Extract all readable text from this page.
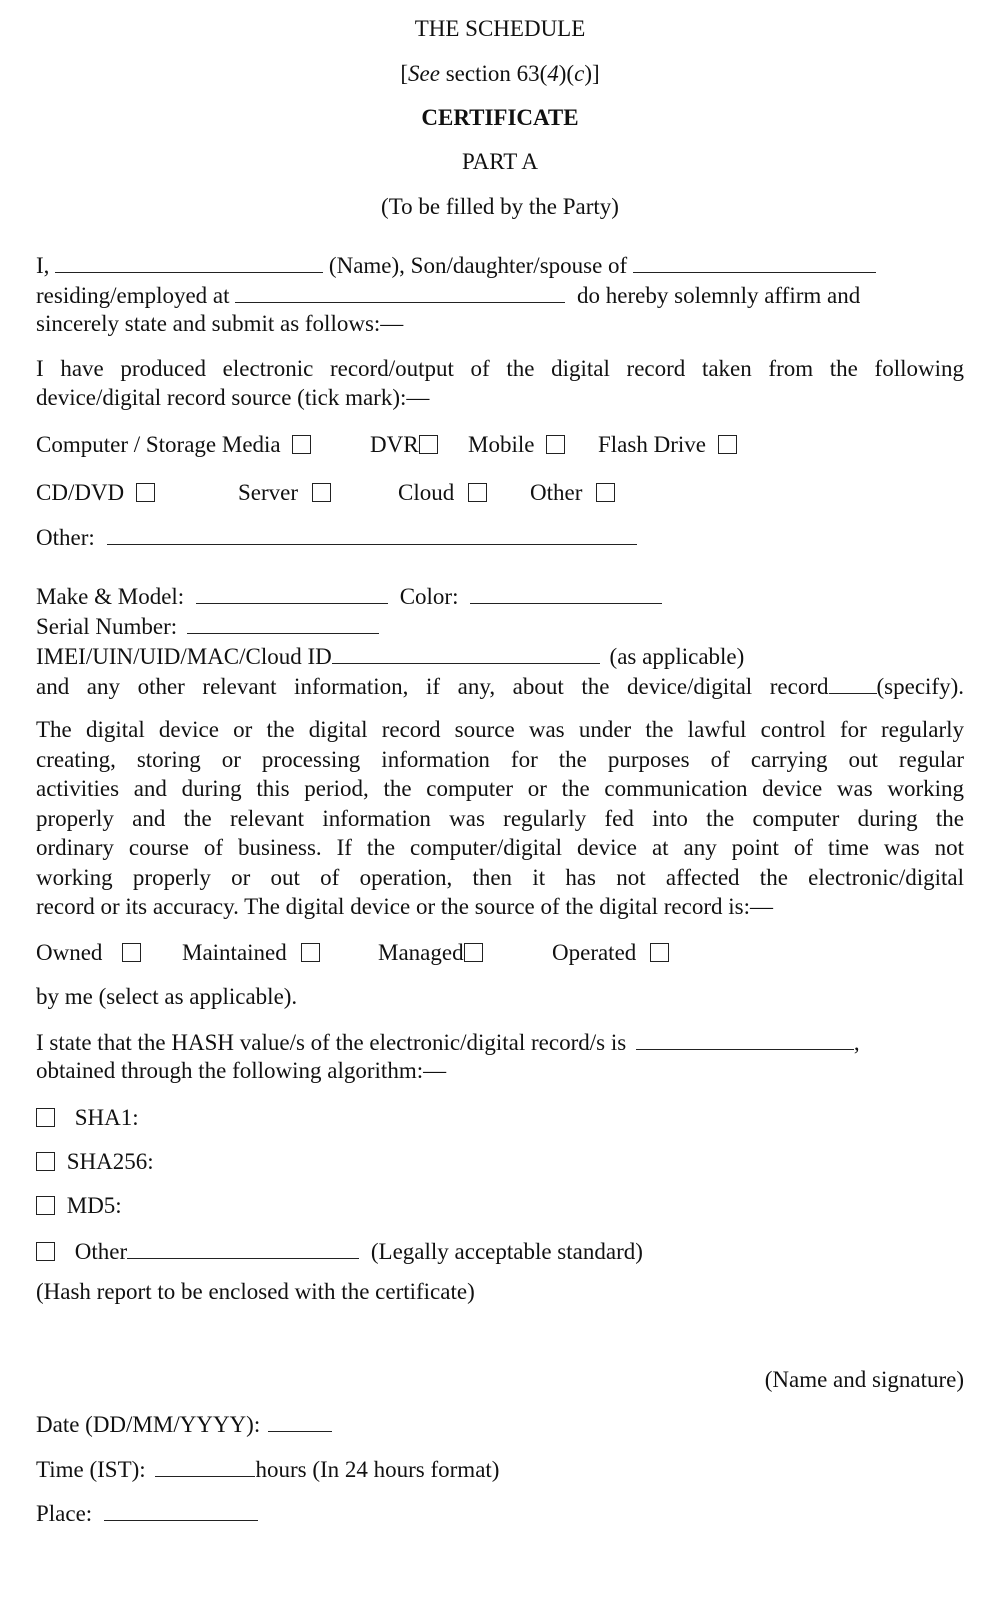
THE SCHEDULE
[See section 63(4)(c)]
CERTIFICATE
PART A
(To be filled by the Party)
I,	(Name), Son/daughter/spouse of
residing/employed at	do hereby solemnly affirm and
sincerely state and submit as follows:—
I have produced electronic record/output of the digital record taken from the following
device/digital record source (tick mark):—
Computer / Storage Media	DVR	Mobile	Flash Drive
CD/DVD	Server	Cloud	Other
Other:
Make & Model:	Color:
Serial Number:
IMEI/UIN/UID/MAC/Cloud ID	(as applicable)
and any other relevant information, if any, about the device/digital record (specify).
The digital device or the digital record source was under the lawful control for regularly
creating, storing or processing information for the purposes of carrying out regular
activities and during this period, the computer or the communication device was working
properly and the relevant information was regularly fed into the computer during the
ordinary course of business. If the computer/digital device at any point of time was not
working properly or out of operation, then it has not affected the electronic/digital
record or its accuracy. The digital device or the source of the digital record is:—
Owned	Maintained	Managed	Operated
by me (select as applicable).
I state that the HASH value/s of the electronic/digital record/s is	,
obtained through the following algorithm:—
SHA1:
SHA256:
MD5:
Other	(Legally acceptable standard)
(Hash report to be enclosed with the certificate)
(Name and signature)
Date (DD/MM/YYYY):
Time (IST):	hours (In 24 hours format)
Place:
